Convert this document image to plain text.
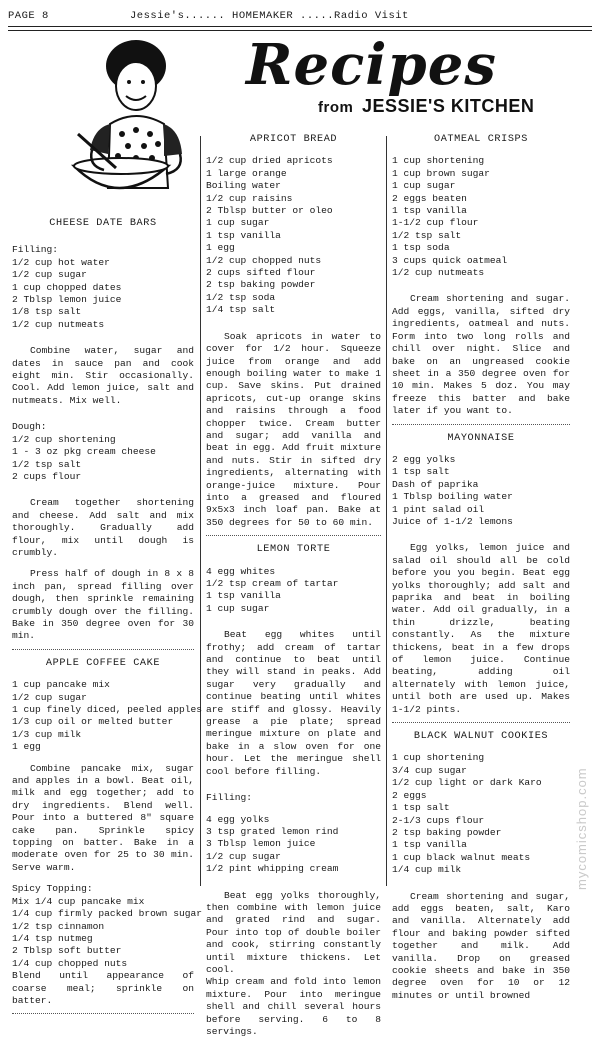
PAGE 8	Jessie's...... HOMEMAKER .....Radio Visit
Recipes
from JESSIE'S KITCHEN
CHEESE DATE BARS
Filling:
1/2 cup hot water
1/2 cup sugar
1 cup chopped dates
2 Tblsp lemon juice
1/8 tsp salt
1/2 cup nutmeats
Combine water, sugar and dates in sauce pan and cook eight min. Stir occasionally. Cool. Add lemon juice, salt and nutmeats. Mix well.
Dough:
1/2 cup shortening
1 - 3 oz pkg cream cheese
1/2 tsp salt
2 cups flour
Cream together shortening and cheese. Add salt and mix thoroughly. Gradually add flour, mix until dough is crumbly.
Press half of dough in 8 x 8 inch pan, spread filling over dough, then sprinkle remaining crumbly dough over the filling. Bake in 350 degree oven for 30 min.
APPLE COFFEE CAKE
1 cup pancake mix
1/2 cup sugar
1 cup finely diced, peeled apples
1/3 cup oil or melted butter
1/3 cup milk
1 egg
Combine pancake mix, sugar and apples in a bowl. Beat oil, milk and egg together; add to dry ingredients. Blend well. Pour into a buttered 8" square cake pan. Sprinkle spicy topping on batter. Bake in a moderate oven for 25 to 30 min. Serve warm.
Spicy Topping:
Mix 1/4 cup pancake mix
1/4 cup firmly packed brown sugar
1/2 tsp cinnamon
1/4 tsp nutmeg
2 Tblsp soft butter
1/4 cup chopped nuts
Blend until appearance of coarse meal; sprinkle on batter.
APRICOT BREAD
1/2 cup dried apricots
1 large orange
Boiling water
1/2 cup raisins
2 Tblsp butter or oleo
1 cup sugar
1 tsp vanilla
1 egg
1/2 cup chopped nuts
2 cups sifted flour
2 tsp baking powder
1/2 tsp soda
1/4 tsp salt
Soak apricots in water to cover for 1/2 hour. Squeeze juice from orange and add enough boiling water to make 1 cup. Save skins. Put drained apricots, cut-up orange skins and raisins through a food chopper twice. Cream butter and sugar; add vanilla and beat in egg. Add fruit mixture and nuts. Stir in sifted dry ingredients, alternating with orange-juice mixture. Pour into a greased and floured 9x5x3 inch loaf pan. Bake at 350 degrees for 50 to 60 min.
LEMON TORTE
4 egg whites
1/2 tsp cream of tartar
1 tsp vanilla
1 cup sugar
Beat egg whites until frothy; add cream of tartar and continue to beat until they will stand in peaks. Add sugar very gradually and continue beating until whites are stiff and glossy. Heavily grease a pie plate; spread meringue mixture on plate and bake in a slow oven for one hour. Let the meringue shell cool before filling.
Filling:
4 egg yolks
3 tsp grated lemon rind
3 Tblsp lemon juice
1/2 cup sugar
1/2 pint whipping cream
Beat egg yolks thoroughly, then combine with lemon juice and grated rind and sugar. Pour into top of double boiler and cook, stirring constantly until mixture thickens. Let cool.
Whip cream and fold into lemon mixture. Pour into meringue shell and chill several hours before serving. 6 to 8 servings.
OATMEAL CRISPS
1 cup shortening
1 cup brown sugar
1 cup sugar
2 eggs beaten
1 tsp vanilla
1-1/2 cup flour
1/2 tsp salt
1 tsp soda
3 cups quick oatmeal
1/2 cup nutmeats
Cream shortening and sugar. Add eggs, vanilla, sifted dry ingredients, oatmeal and nuts. Form into two long rolls and chill over night. Slice and bake on an ungreased cookie sheet in a 350 degree oven for 10 min. Makes 5 doz. You may freeze this batter and bake later if you want to.
MAYONNAISE
2 egg yolks
1 tsp salt
Dash of paprika
1 Tblsp boiling water
1 pint salad oil
Juice of 1-1/2 lemons
Egg yolks, lemon juice and salad oil should all be cold before you you begin. Beat egg yolks thoroughly; add salt and paprika and beat in boiling water. Add oil gradually, in a thin drizzle, beating constantly. As the mixture thickens, beat in a few drops of lemon juice. Continue beating, adding oil alternately with lemon juice, until both are used up. Makes 1-1/2 pints.
BLACK WALNUT COOKIES
1 cup shortening
3/4 cup sugar
1/2 cup light or dark Karo
2 eggs
1 tsp salt
2-1/3 cups flour
2 tsp baking powder
1 tsp vanilla
1 cup black walnut meats
1/4 cup milk
Cream shortening and sugar, add eggs beaten, salt, Karo and vanilla. Alternately add flour and baking powder sifted together and milk. Add vanilla. Drop on greased cookie sheets and bake in 350 degree oven for 10 or 12 minutes or until browned
mycomicshop.com
